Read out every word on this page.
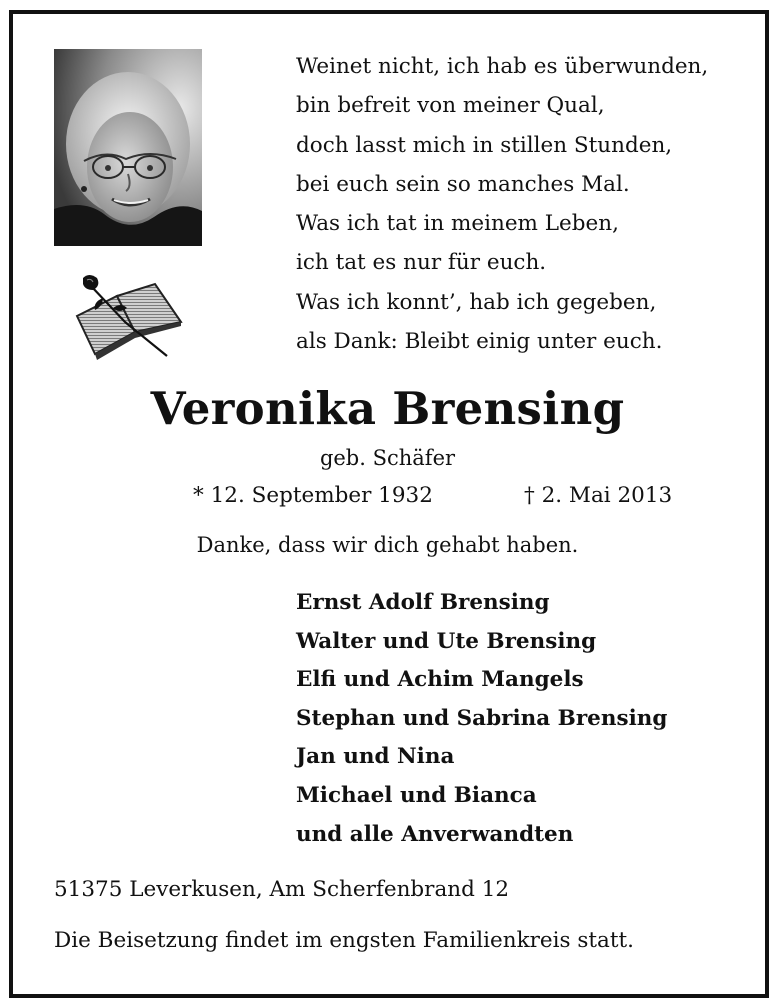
Weinet nicht, ich hab es überwunden,
bin befreit von meiner Qual,
doch lasst mich in stillen Stunden,
bei euch sein so manches Mal.
Was ich tat in meinem Leben,
ich tat es nur für euch.
Was ich konnt’, hab ich gegeben,
als Dank: Bleibt einig unter euch.
Veronika Brensing
geb. Schäfer
* 12. September 1932	† 2. Mai 2013
Danke, dass wir dich gehabt haben.
Ernst Adolf Brensing
Walter und Ute Brensing
Elfi und Achim Mangels
Stephan und Sabrina Brensing
Jan und Nina
Michael und Bianca
und alle Anverwandten
51375 Leverkusen, Am Scherfenbrand 12
Die Beisetzung findet im engsten Familienkreis statt.
